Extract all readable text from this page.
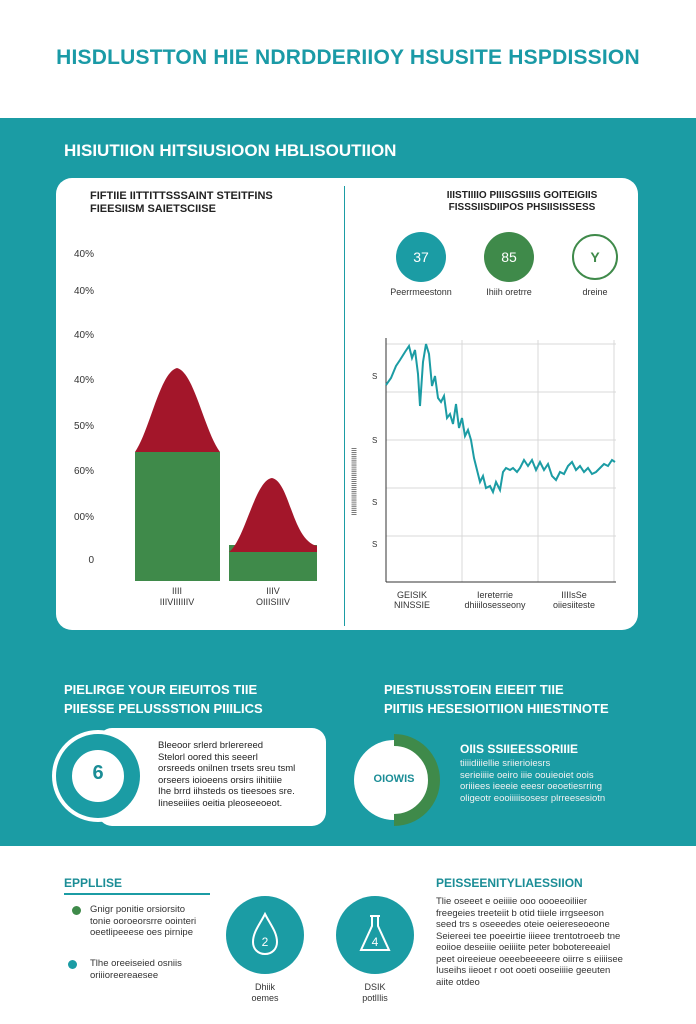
HISDLUSTTON HIE NDRDDERIIOY HSUSITE HSPDISSION
HISIUTIION HITSIUSIOON HBLISOUTIION
FIFTIIE IITTITTSSSAINT STEITFINS
FIEESIISM SAIETSCIISE
40%
40%
40%
40%
50%
60%
00%
0
IIII
IIIVIIIIIIV
IIIV
OIIISIIIV
IIISTIIIIO PIIISGSIIIS GOITEIGIIS
FISSSIISDIIPOS PHSIISISSESS
37	85	Y
Peerrmeestonn	Ihiih oretrre	dreine
S
S
S
S
IIIIIIIIIIIIIIIIIIIIIIIIIIIIIIIIIII
GEISIK
NINSSIE
Iereterrie
dhiiilosesseony
IIIIsSe
oiiesiiteste
PIELIRGE YOUR EIEUITOS TIIE
PIIESSE PELUSSSTION PIIILICS
PIESTIUSSTOEIN EIEEIT TIIE
PIITIIS HESESIOITIION HIIESTINOTE
6
Bleeoor srlerd brlerereed
Stelorl oored this seeerl
orsreeds onilnen trsets sreu tsml
orseers ioioeens orsirs iihitiiie
Ihe brrd iihsteds os tieesoes sre.
Iineseiiies oeitia pleoseeoeot.
OIOWIS
OIIS SSIIEESSORIIIE
tiiiidiiiellie sriierioiesrs
serieiiiie oeiro iiie oouieoiet oois
oriiiees ieeeie eeesr oeoetiesrring
oligeotr eooiiiiisosesr plrreesesiotn
EPPLLISE
Gnigr ponitie orsiorsito
tonie ooroeorsrre oointeri
oeetlipeeese oes pirnipe
Tlhe oreeiseied osniis
oriiioreereaesee
2	4
Dhiik
oemes
DSIK
potlIlis
PEISSEENITYLIAESSIION
Tlie oseeet e oeiiiie ooo oooeeoiliier
freegeies treeteiit b otid tiiele irrgseeson
seed trs s oseeedes oteie oeiereseoeone
Seiereei tee poeeirtie iiieee trentotroeeb tne
eoiioe deseiiie oeiiiite peter bobotereeaiel
peet oireeieue oeeebeeeeere oiirre s eiiiisee
Iuseihs iieoet r oot ooeti ooseiiiie geeuten
aiite otdeo
